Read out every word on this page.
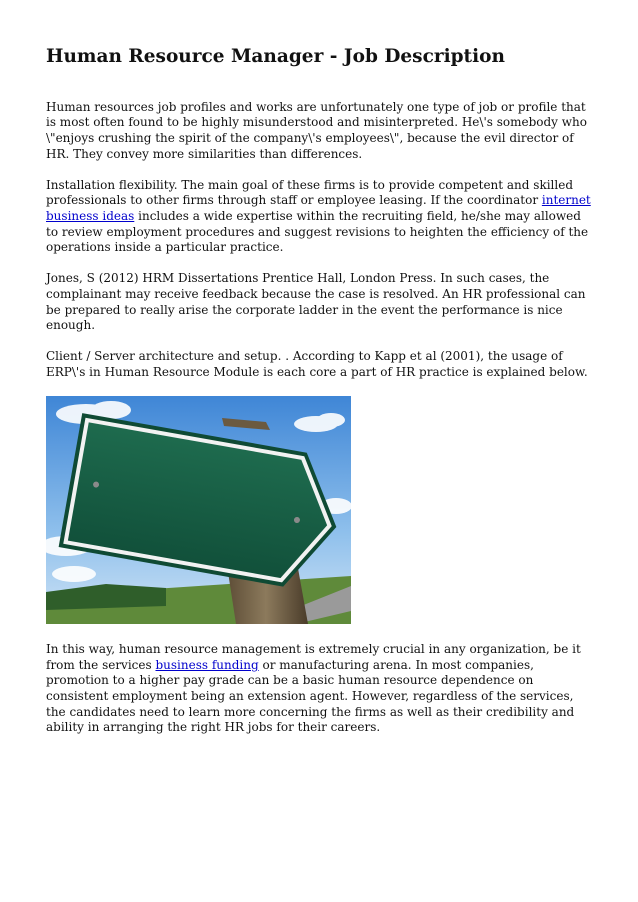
Human Resource Manager - Job Description

Human resources job profiles and works are unfortunately one type of job or profile that is most often found to be highly misunderstood and misinterpreted. He\'s somebody who \"enjoys crushing the spirit of the company\'s employees\", because the evil director of HR. They convey more similarities than differences.

Installation flexibility. The main goal of these firms is to provide competent and skilled professionals to other firms through staff or employee leasing. If the coordinator internet business ideas includes a wide expertise within the recruiting field, he/she may allowed to review employment procedures and suggest revisions to heighten the efficiency of the operations inside a particular practice.

Jones, S (2012) HRM Dissertations Prentice Hall, London Press. In such cases, the complainant may receive feedback because the case is resolved. An HR professional can be prepared to really arise the corporate ladder in the event the performance is nice enough.

Client / Server architecture and setup. . According to Kapp et al (2001), the usage of ERP\'s in Human Resource Module is each core a part of HR practice is explained below.

In this way, human resource management is extremely crucial in any organization, be it from the services business funding or manufacturing arena. In most companies, promotion to a higher pay grade can be a basic human resource dependence on consistent employment being an extension agent. However, regardless of the services, the candidates need to learn more concerning the firms as well as their credibility and ability in arranging the right HR jobs for their careers.
